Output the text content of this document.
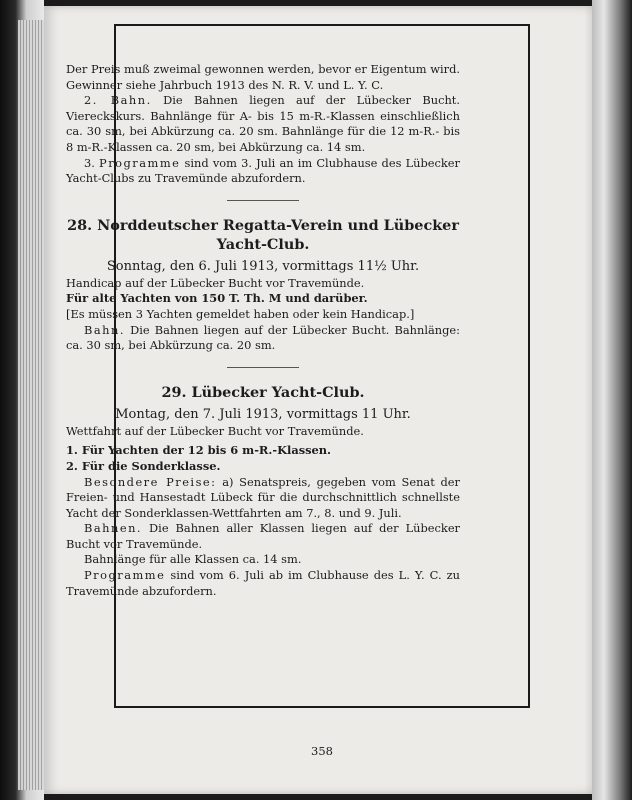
Der Preis muß zweimal gewonnen werden, bevor er Eigentum wird. Gewinner siehe Jahrbuch 1913 des N. R. V. und L. Y. C.

2. Bahn. Die Bahnen liegen auf der Lübecker Bucht. Viereckskurs. Bahnlänge für A- bis 15 m-R.-Klassen einschließlich ca. 30 sm, bei Abkürzung ca. 20 sm. Bahnlänge für die 12 m-R.- bis 8 m-R.-Klassen ca. 20 sm, bei Abkürzung ca. 14 sm.

3. Programme sind vom 3. Juli an im Clubhause des Lübecker Yacht-Clubs zu Travemünde abzufordern.

28. Norddeutscher Regatta-Verein und Lübecker Yacht-Club.
Sonntag, den 6. Juli 1913, vormittags 11½ Uhr.

Handicap auf der Lübecker Bucht vor Travemünde.

Für alte Yachten von 150 T. Th. M und darüber.

[Es müssen 3 Yachten gemeldet haben oder kein Handicap.]

Bahn. Die Bahnen liegen auf der Lübecker Bucht. Bahnlänge: ca. 30 sm, bei Abkürzung ca. 20 sm.

29. Lübecker Yacht-Club.
Montag, den 7. Juli 1913, vormittags 11 Uhr.

Wettfahrt auf der Lübecker Bucht vor Travemünde.

1. Für Yachten der 12 bis 6 m-R.-Klassen.

2. Für die Sonderklasse.

Besondere Preise: a) Senatspreis, gegeben vom Senat der Freien- und Hansestadt Lübeck für die durchschnittlich schnellste Yacht der Sonderklassen-Wettfahrten am 7., 8. und 9. Juli.

Bahnen. Die Bahnen aller Klassen liegen auf der Lübecker Bucht vor Travemünde.

Bahnlänge für alle Klassen ca. 14 sm.

Programme sind vom 6. Juli ab im Clubhause des L. Y. C. zu Travemünde abzufordern.

358
